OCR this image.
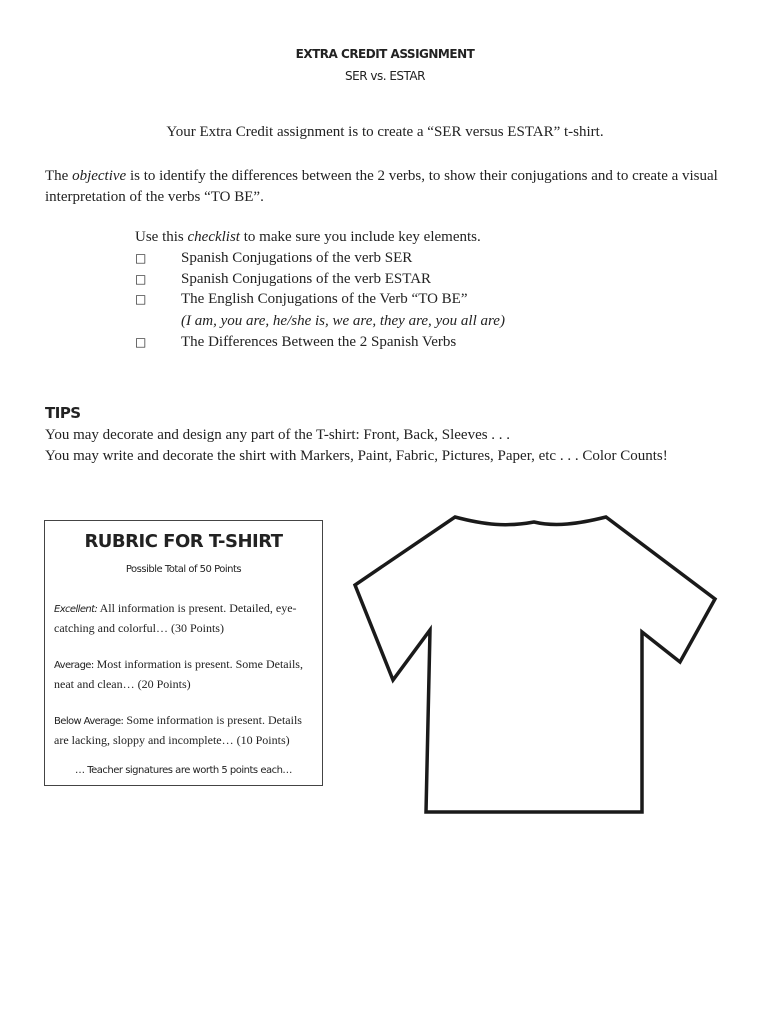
EXTRA CREDIT ASSIGNMENT
SER vs. ESTAR
Your Extra Credit assignment is to create a “SER versus ESTAR” t-shirt.
The objective is to identify the differences between the 2 verbs, to show their conjugations and to create a visual interpretation of the verbs “TO BE”.
Use this checklist to make sure you include key elements.
□ Spanish Conjugations of the verb SER
□ Spanish Conjugations of the verb ESTAR
□ The English Conjugations of the Verb “TO BE”
(I am, you are, he/she is, we are, they are, you all are)
□ The Differences Between the 2 Spanish Verbs
TIPS
You may decorate and design any part of the T-shirt: Front, Back, Sleeves . . .
You may write and decorate the shirt with Markers, Paint, Fabric, Pictures, Paper, etc . . . Color Counts!
RUBRIC FOR T-SHIRT
Possible Total of 50 Points
Excellent: All information is present. Detailed, eye-catching and colorful… (30 Points)
Average: Most information is present. Some Details, neat and clean… (20 Points)
Below Average: Some information is present. Details are lacking, sloppy and incomplete… (10 Points)
… Teacher signatures are worth 5 points each…
